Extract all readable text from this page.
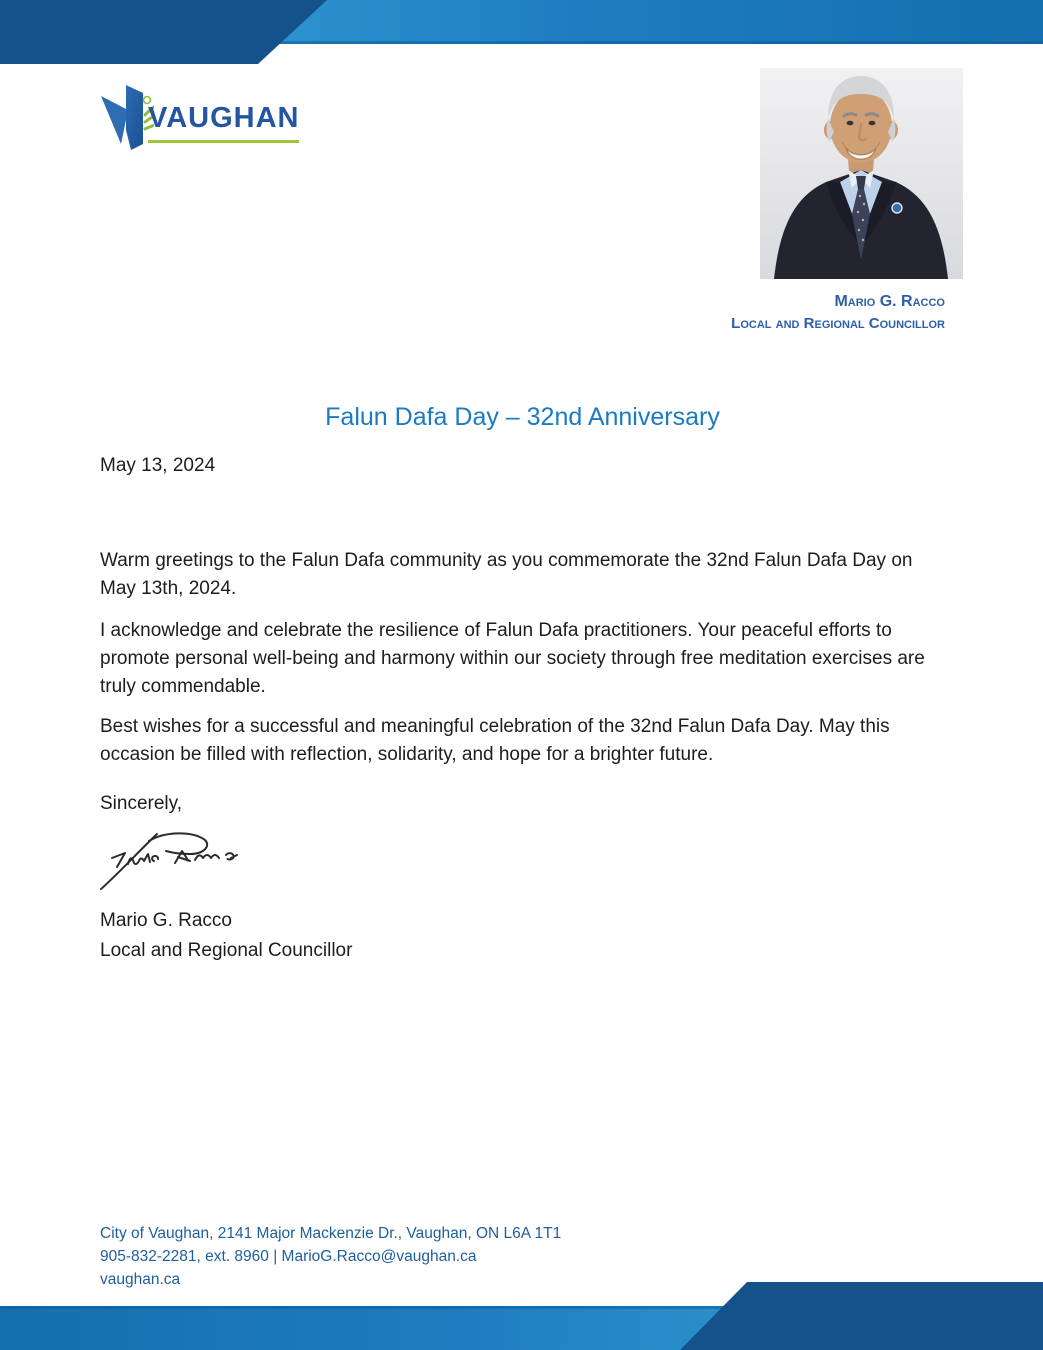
VAUGHAN
Mario G. Racco
Local and Regional Councillor
Falun Dafa Day – 32nd Anniversary
May 13, 2024

Warm greetings to the Falun Dafa community as you commemorate the 32nd Falun Dafa Day on May 13th, 2024.

I acknowledge and celebrate the resilience of Falun Dafa practitioners. Your peaceful efforts to promote personal well-being and harmony within our society through free meditation exercises are truly commendable.

Best wishes for a successful and meaningful celebration of the 32nd Falun Dafa Day. May this occasion be filled with reflection, solidarity, and hope for a brighter future.

Sincerely,
Mario G. Racco
Local and Regional Councillor
City of Vaughan, 2141 Major Mackenzie Dr., Vaughan, ON L6A 1T1
905-832-2281, ext. 8960 | MarioG.Racco@vaughan.ca
vaughan.ca
